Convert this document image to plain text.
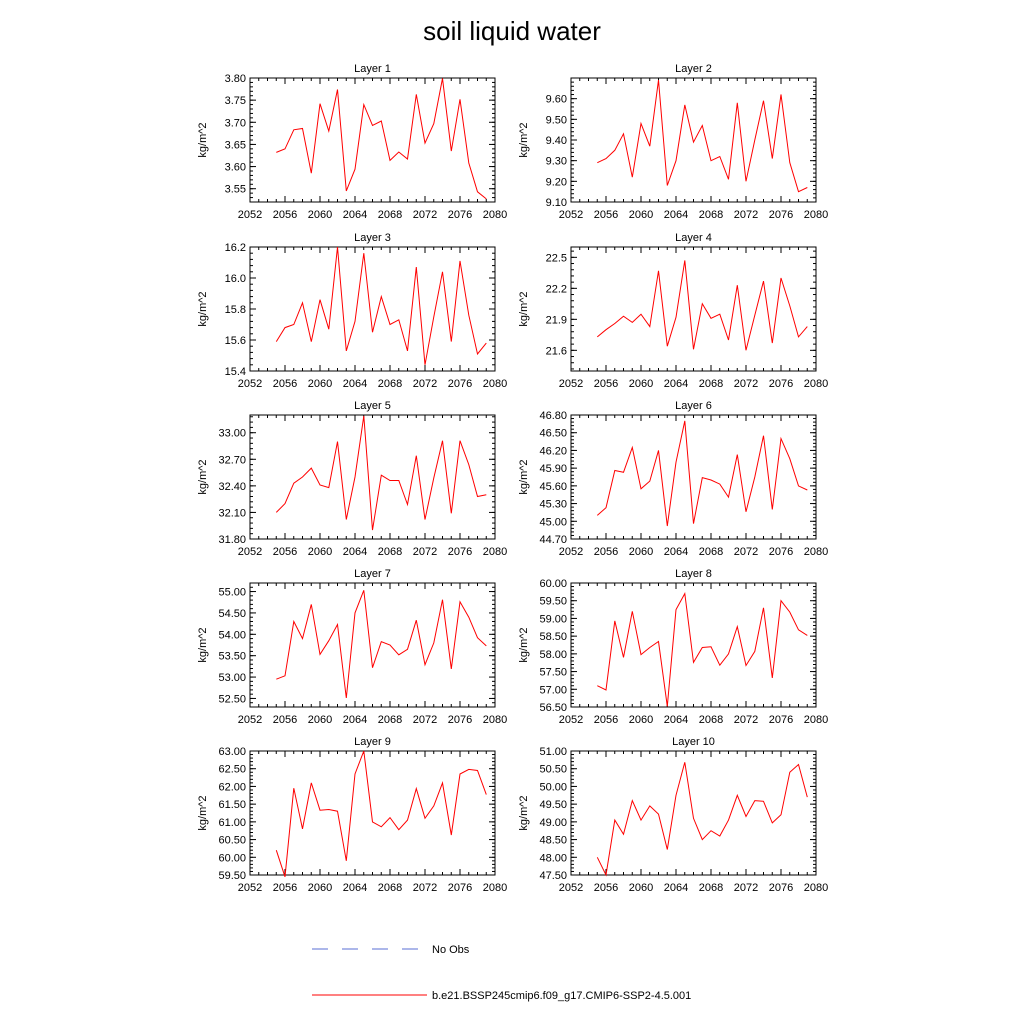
soil liquid water
Layer 1
kg/m^2
2052 2056 2060 2064 2068 2072 2076 2080
3.55
3.60
3.65
3.70
3.75
3.80
Layer 2
kg/m^2
2052 2056 2060 2064 2068 2072 2076 2080
9.10
9.20
9.30
9.40
9.50
9.60
Layer 3
kg/m^2
2052 2056 2060 2064 2068 2072 2076 2080
15.4
15.6
15.8
16.0
16.2
Layer 4
kg/m^2
2052 2056 2060 2064 2068 2072 2076 2080
21.6
21.9
22.2
22.5
Layer 5
kg/m^2
2052 2056 2060 2064 2068 2072 2076 2080
31.80
32.10
32.40
32.70
33.00
Layer 6
kg/m^2
2052 2056 2060 2064 2068 2072 2076 2080
44.70
45.00
45.30
45.60
45.90
46.20
46.50
46.80
Layer 7
kg/m^2
2052 2056 2060 2064 2068 2072 2076 2080
52.50
53.00
53.50
54.00
54.50
55.00
Layer 8
kg/m^2
2052 2056 2060 2064 2068 2072 2076 2080
56.50
57.00
57.50
58.00
58.50
59.00
59.50
60.00
Layer 9
kg/m^2
2052 2056 2060 2064 2068 2072 2076 2080
59.50
60.00
60.50
61.00
61.50
62.00
62.50
63.00
Layer 10
kg/m^2
2052 2056 2060 2064 2068 2072 2076 2080
47.50
48.00
48.50
49.00
49.50
50.00
50.50
51.00
No Obs
b.e21.BSSP245cmip6.f09_g17.CMIP6-SSP2-4.5.001
